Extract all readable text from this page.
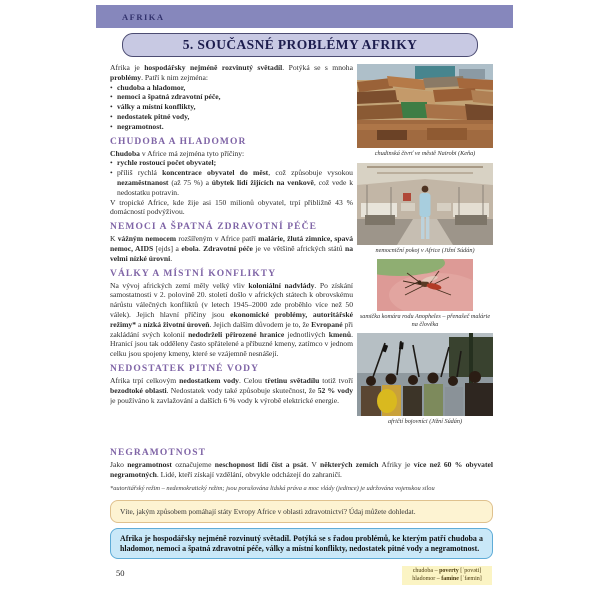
AFRIKA
5. SOUČASNÉ PROBLÉMY AFRIKY
Afrika je hospodářsky nejméně rozvinutý světadíl. Potýká se s mnoha problémy. Patří k nim zejména:
• chudoba a hladomor,
• nemoci a špatná zdravotní péče,
• války a místní konflikty,
• nedostatek pitné vody,
• negramotnost.
CHUDOBA A HLADOMOR
Chudoba v Africe má zejména tyto příčiny:
• rychle rostoucí počet obyvatel;
• příliš rychlá koncentrace obyvatel do měst, což způsobuje vysokou nezaměstnanost (až 75 %) a úbytek lidí žijících na venkově, což vede k nedostatku potravin.
V tropické Africe, kde žije asi 150 milionů obyvatel, trpí přibližně 43 % domácností podvýživou.
NEMOCI A ŠPATNÁ ZDRAVOTNÍ PÉČE
K vážným nemocem rozšířeným v Africe patří malárie, žlutá zimnice, spavá nemoc, AIDS [ejds] a ebola. Zdravotní péče je ve většině afrických států na velmi nízké úrovni.
VÁLKY A MÍSTNÍ KONFLIKTY
Na vývoj afrických zemí měly velký vliv koloniální nadvlády. Po získání samostatnosti v 2. polovině 20. století došlo v afrických státech k obrovskému nárůstu válečných konfliktů (v letech 1945–2000 zde proběhlo více než 50 válek). Jejich hlavní příčiny jsou ekonomické problémy, autoritářské režimy* a nízká životní úroveň. Jejich dalším důvodem je to, že Evropané při zakládání svých kolonií nedodrželi přirozené hranice jednotlivých kmenů. Hranicí jsou tak odděleny často spřátelené a příbuzné kmeny, zatímco v jednom celku jsou spojeny kmeny, které se vzájemně nesnášejí.
NEDOSTATEK PITNÉ VODY
Afrika trpí celkovým nedostatkem vody. Celou třetinu světadílu totiž tvoří bezodtoké oblasti. Nedostatek vody také způsobuje skutečnost, že 52 % vody je používáno k zavlažování a dalších 6 % vody k výrobě elektrické energie.
chudinská čtvrť ve městě Nairobi (Keňa)
nemocniční pokoj v Africe (Jižní Súdán)
samička komára rodu Anopheles – přenašeč malárie na člověka
afričtí bojovníci (Jižní Súdán)
NEGRAMOTNOST
Jako negramotnost označujeme neschopnost lidí číst a psát. V některých zemích Afriky je více než 60 % obyvatel negramotných. Lidé, kteří získají vzdělání, obvykle odcházejí do zahraničí.
*autoritářský režim – nedemokratický režim; jsou porušována lidská práva a moc vlády (jedince) je udržována vojenskou silou
Víte, jakým způsobem pomáhají státy Evropy Africe v oblasti zdravotnictví? Údaj můžete dohledat.
Afrika je hospodářsky nejméně rozvinutý světadíl. Potýká se s řadou problémů, ke kterým patří chudoba a hladomor, nemoci a špatná zdravotní péče, války a místní konflikty, nedostatek pitné vody a negramotnost.
chudoba – poverty [ˈpovəti]
hladomor – famine [ˈfæmin]
50
